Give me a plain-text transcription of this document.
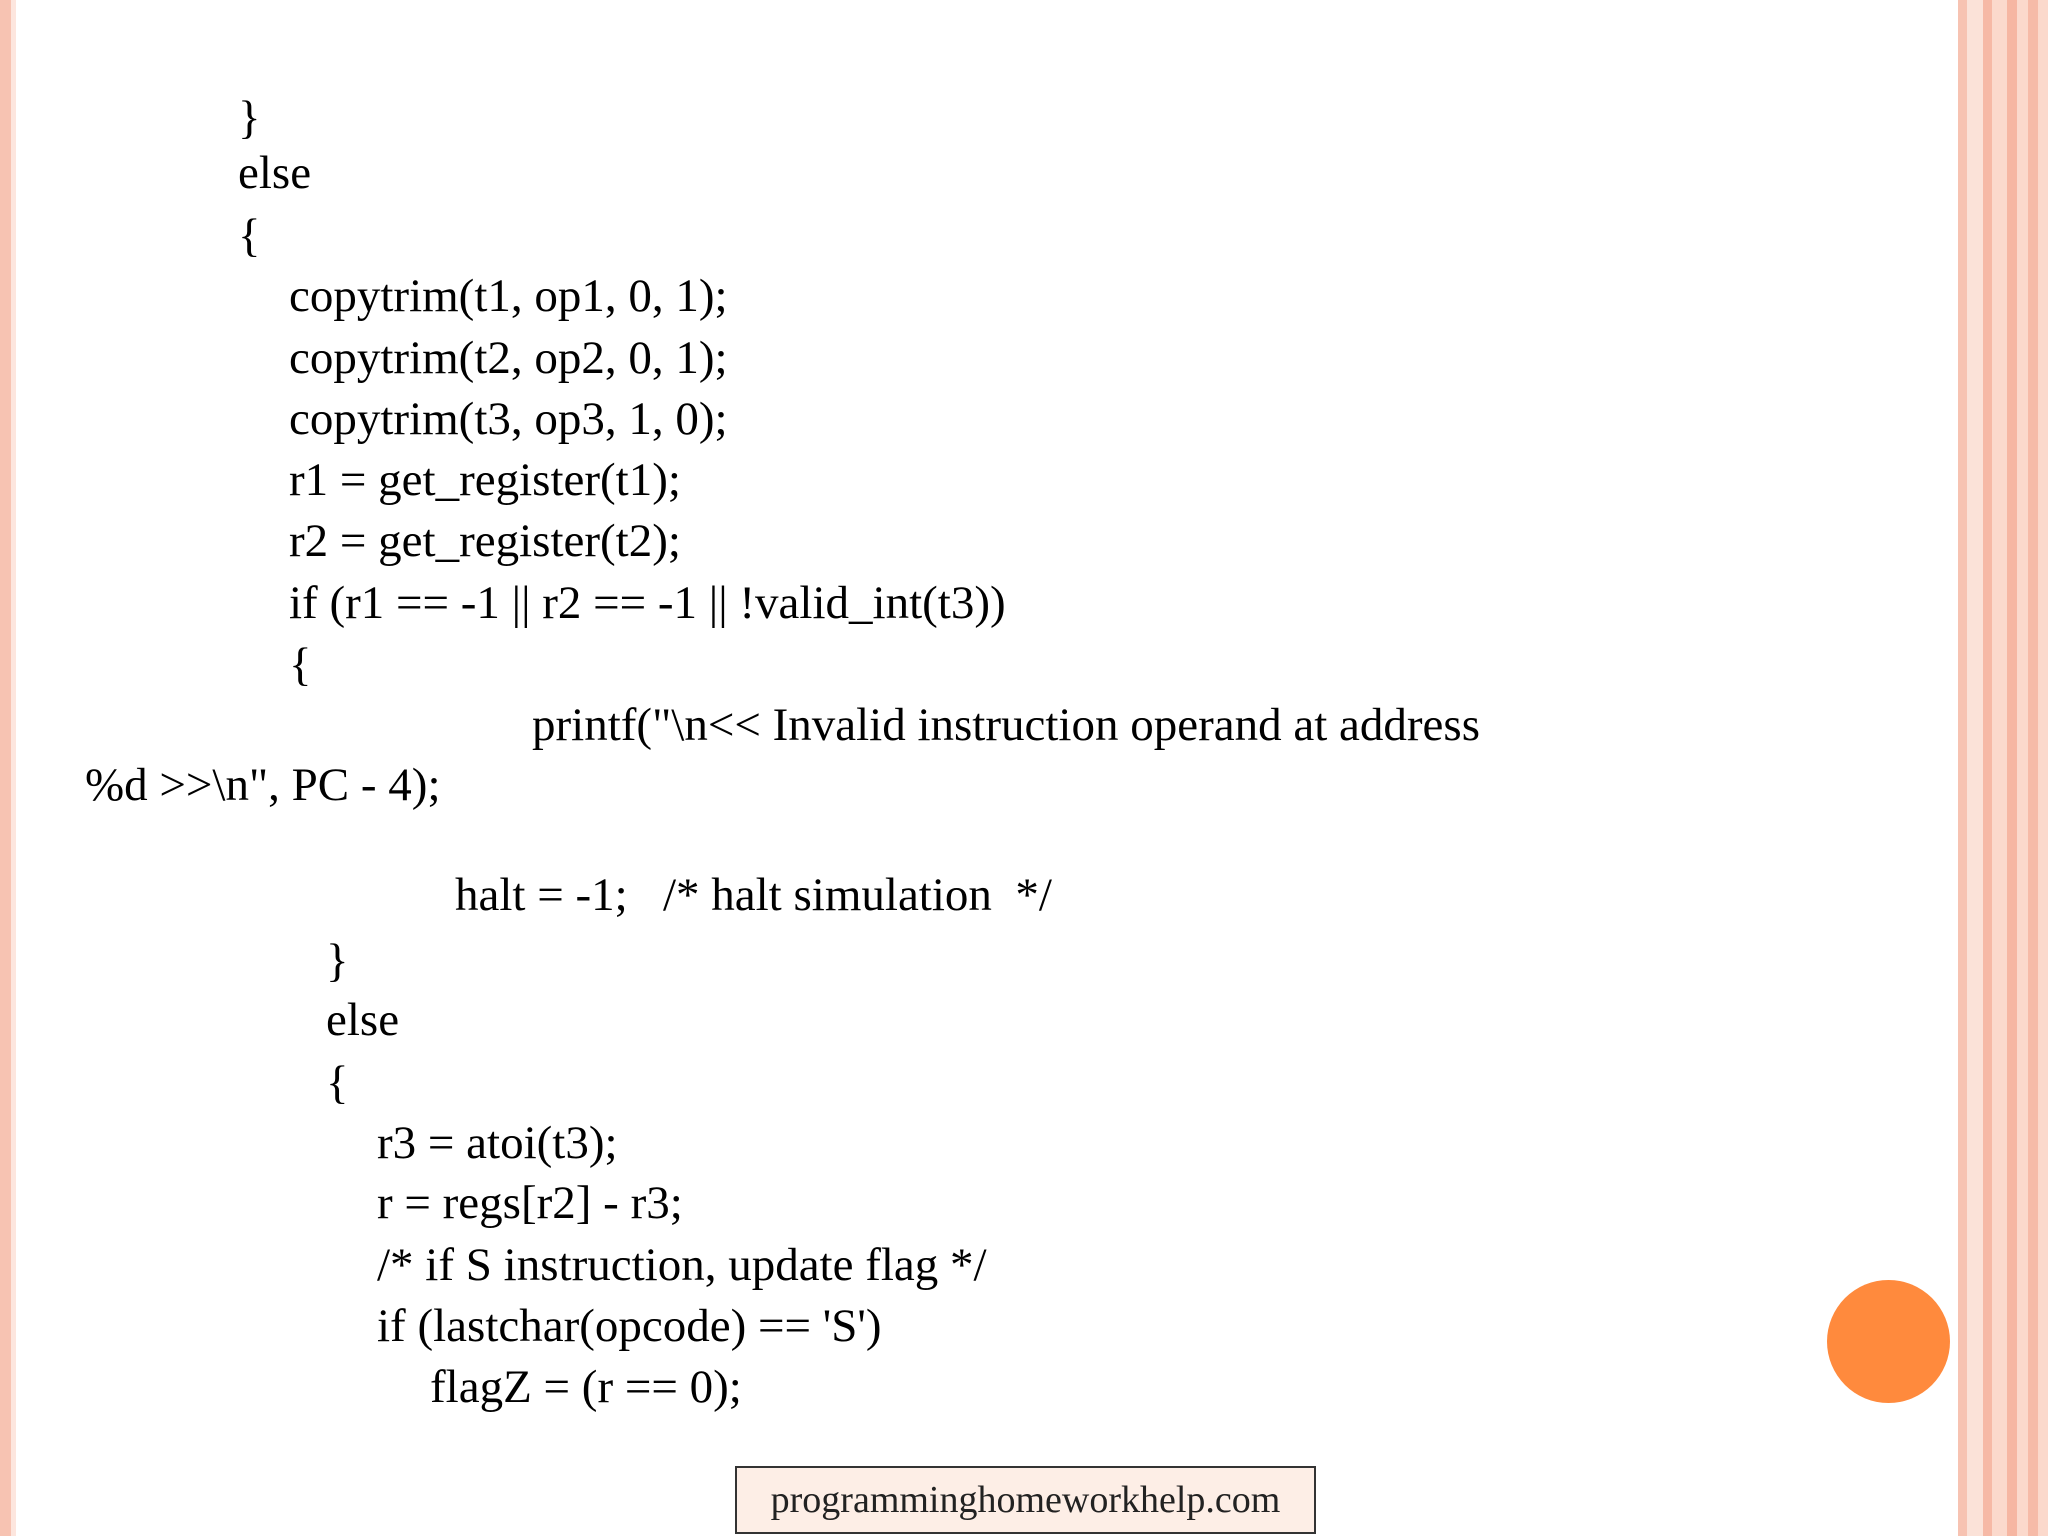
}

else

{

copytrim(t1, op1, 0, 1);

copytrim(t2, op2, 0, 1);

copytrim(t3, op3, 1, 0);

r1 = get_register(t1);

r2 = get_register(t2);

if (r1 == -1 || r2 == -1 || !valid_int(t3))

{

printf("\n<< Invalid instruction operand at address

%d >>\n", PC - 4);

halt = -1;   /* halt simulation  */

}

else

{

r3 = atoi(t3);

r = regs[r2] - r3;

/* if S instruction, update flag */

if (lastchar(opcode) == 'S')

flagZ = (r == 0);

programminghomeworkhelp.com
